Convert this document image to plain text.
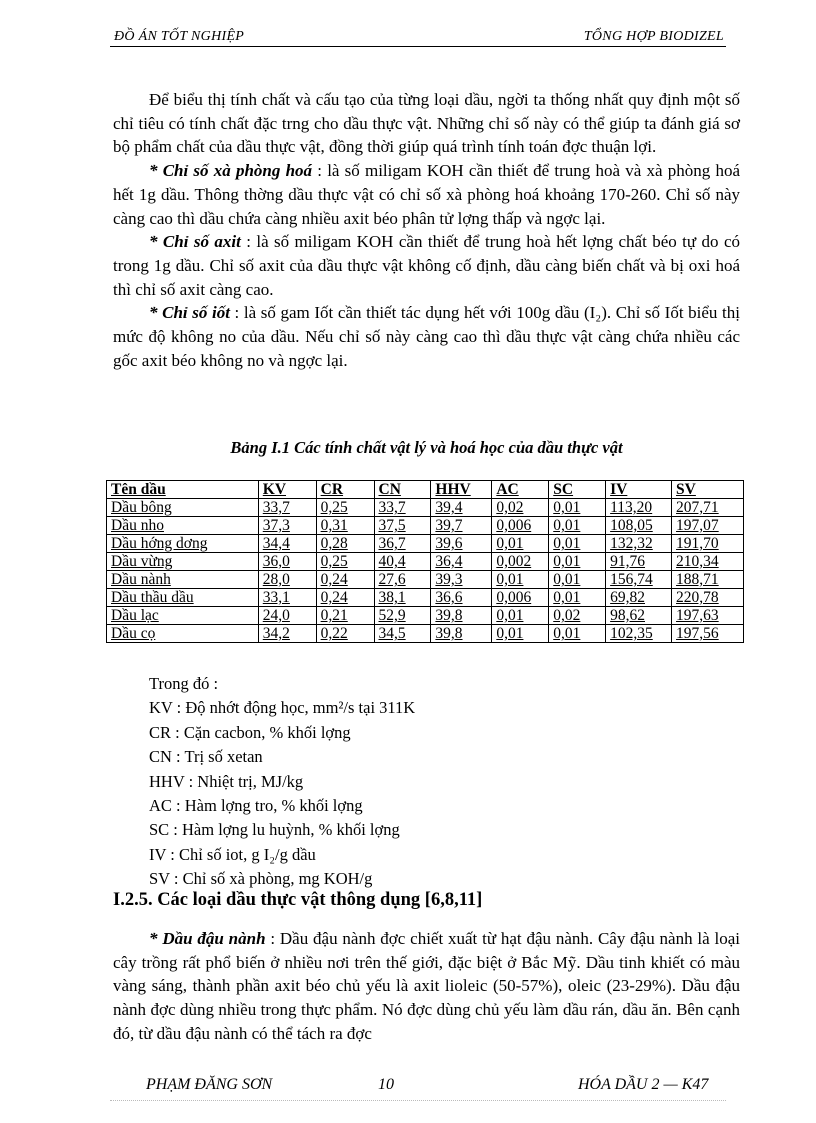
ĐỒ ÁN TỐT NGHIỆP	TỔNG HỢP BIODIZEL

Để biểu thị tính chất và cấu tạo của từng loại dầu, ngời ta thống nhất quy định một số chỉ tiêu có tính chất đặc trng cho dầu thực vật. Những chỉ số này có thể giúp ta đánh giá sơ bộ phẩm chất của dầu thực vật, đồng thời giúp quá trình tính toán đợc thuận lợi.

* Chỉ số xà phòng hoá : là số miligam KOH cần thiết để trung hoà và xà phòng hoá hết 1g dầu. Thông thờng dầu thực vật có chỉ số xà phòng hoá khoảng 170-260. Chỉ số này càng cao thì dầu chứa càng nhiều axit béo phân tử lợng thấp và ngợc lại.

* Chỉ số axit : là số miligam KOH cần thiết để trung hoà hết lợng chất béo tự do có trong 1g dầu. Chỉ số axit của dầu thực vật không cố định, dầu càng biến chất và bị oxi hoá thì chỉ số axit càng cao.

* Chỉ số iốt : là số gam Iốt cần thiết tác dụng hết với 100g dầu (I₂). Chỉ số Iốt biểu thị mức độ không no của dầu. Nếu chỉ số này càng cao thì dầu thực vật càng chứa nhiều các gốc axit béo không no và ngợc lại.

Bảng I.1 Các tính chất vật lý và hoá học của dầu thực vật
Tên dầu	KV	CR	CN	HHV	AC	SC	IV	SV
Dầu bông	33,7	0,25	33,7	39,4	0,02	0,01	113,20	207,71
Dầu nho	37,3	0,31	37,5	39,7	0,006	0,01	108,05	197,07
Dầu hớng dơng	34,4	0,28	36,7	39,6	0,01	0,01	132,32	191,70
Dầu vừng	36,0	0,25	40,4	36,4	0,002	0,01	91,76	210,34
Dầu nành	28,0	0,24	27,6	39,3	0,01	0,01	156,74	188,71
Dầu thầu dầu	33,1	0,24	38,1	36,6	0,006	0,01	69,82	220,78
Dầu lạc	24,0	0,21	52,9	39,8	0,01	0,02	98,62	197,63
Dầu cọ	34,2	0,22	34,5	39,8	0,01	0,01	102,35	197,56
Trong đó :
KV : Độ nhớt động học, mm²/s tại 311K
CR : Cặn cacbon, % khối lợng
CN : Trị số xetan
HHV : Nhiệt trị, MJ/kg
AC : Hàm lợng tro, % khối lợng
SC : Hàm lợng lu huỳnh, % khối lợng
IV : Chỉ số iot, g I₂/g dầu
SV : Chỉ số xà phòng, mg KOH/g
I.2.5. Các loại dầu thực vật thông dụng [6,8,11]

* Dầu đậu nành : Dầu đậu nành đợc chiết xuất từ hạt đậu nành. Cây đậu nành là loại cây trồng rất phổ biến ở nhiều nơi trên thế giới, đặc biệt ở Bắc Mỹ. Dầu tinh khiết có màu vàng sáng, thành phần axit béo chủ yếu là axit lioleic (50-57%), oleic (23-29%). Dầu đậu nành đợc dùng nhiều trong thực phẩm. Nó đợc dùng chủ yếu làm dầu rán, dầu ăn. Bên cạnh đó, từ dầu đậu nành có thể tách ra đợc

PHẠM ĐĂNG SƠN	10	HÓA DẦU 2 — K47
